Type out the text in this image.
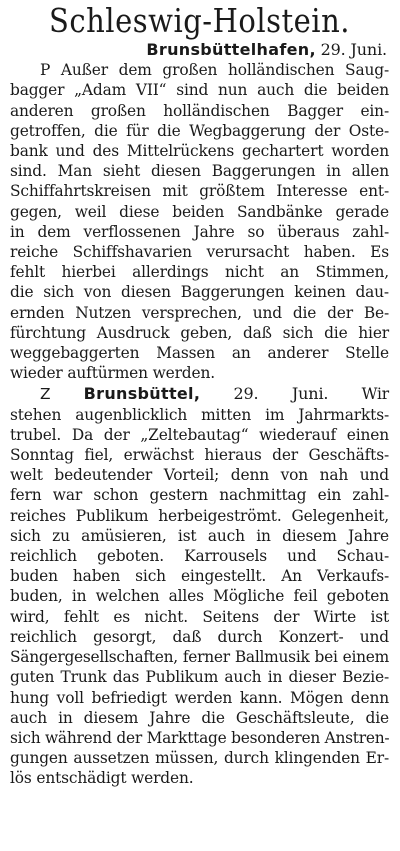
Schleswig-Holstein.
Brunsbüttelhafen, 29. Juni.
P Außer dem großen holländischen Saug-
bagger „Adam VII“ sind nun auch die beiden
anderen großen holländischen Bagger ein-
getroffen, die für die Wegbaggerung der Oste-
bank und des Mittelrückens gechartert worden
sind. Man sieht diesen Baggerungen in allen
Schiffahrtskreisen mit größtem Interesse ent-
gegen, weil diese beiden Sandbänke gerade
in dem verflossenen Jahre so überaus zahl-
reiche Schiffshavarien verursacht haben. Es
fehlt hierbei allerdings nicht an Stimmen,
die sich von diesen Baggerungen keinen dau-
ernden Nutzen versprechen, und die der Be-
fürchtung Ausdruck geben, daß sich die hier
weggebaggerten Massen an anderer Stelle
wieder auftürmen werden.
Z Brunsbüttel, 29. Juni. Wir
stehen augenblicklich mitten im Jahrmarkts-
trubel. Da der „Zeltebautag“ wiederauf einen
Sonntag fiel, erwächst hieraus der Geschäfts-
welt bedeutender Vorteil; denn von nah und
fern war schon gestern nachmittag ein zahl-
reiches Publikum herbeigeströmt. Gelegenheit,
sich zu amüsieren, ist auch in diesem Jahre
reichlich geboten. Karrousels und Schau-
buden haben sich eingestellt. An Verkaufs-
buden, in welchen alles Mögliche feil geboten
wird, fehlt es nicht. Seitens der Wirte ist
reichlich gesorgt, daß durch Konzert- und
Sängergesellschaften, ferner Ballmusik bei einem
guten Trunk das Publikum auch in dieser Bezie-
hung voll befriedigt werden kann. Mögen denn
auch in diesem Jahre die Geschäftsleute, die
sich während der Markttage besonderen Anstren-
gungen aussetzen müssen, durch klingenden Er-
lös entschädigt werden.
